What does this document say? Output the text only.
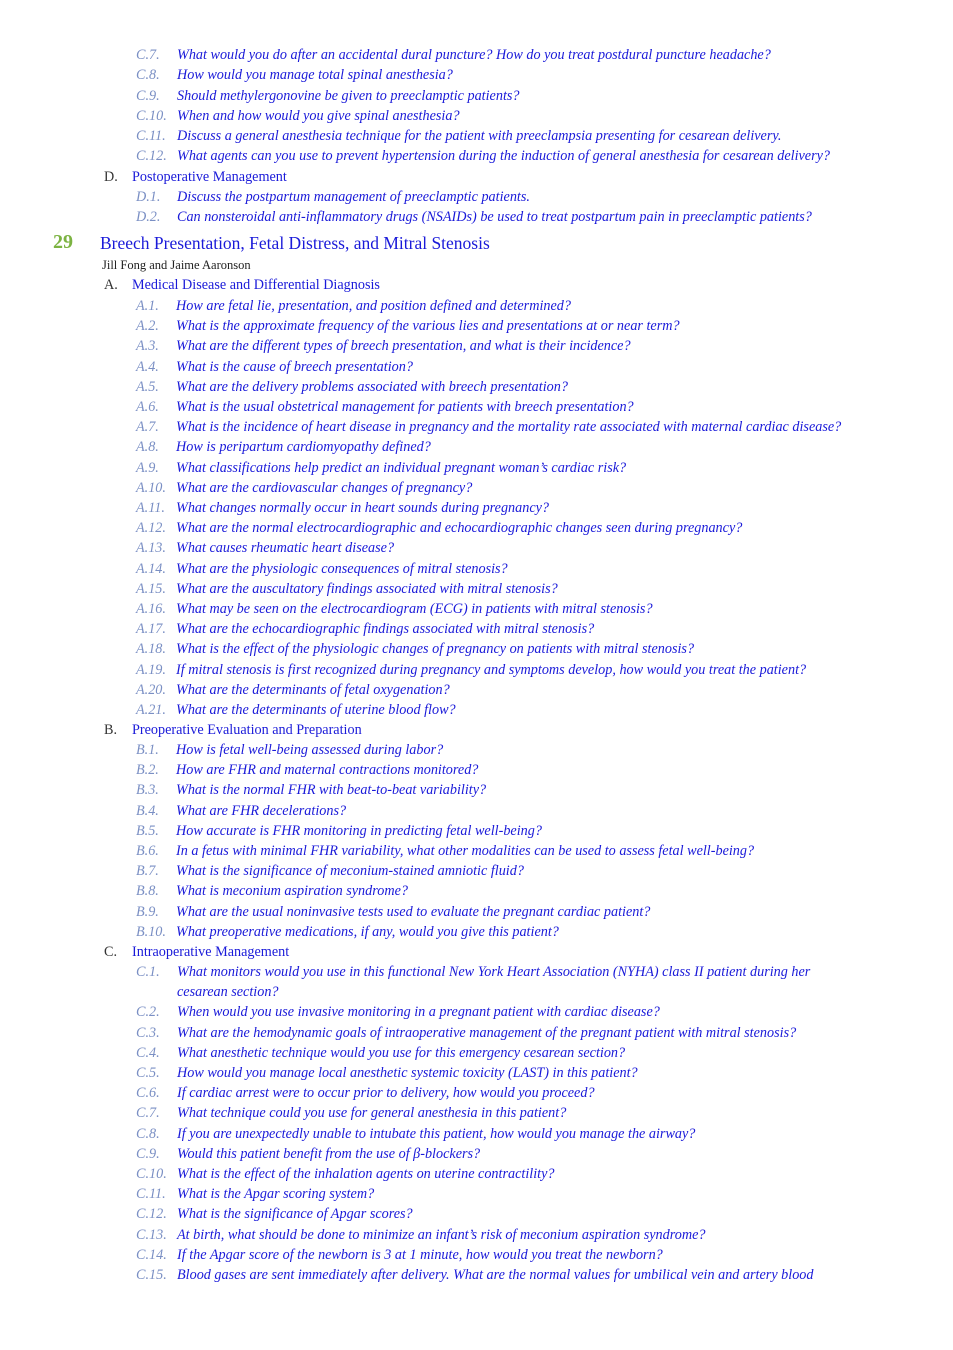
C.7. What would you do after an accidental dural puncture? How do you treat postdural puncture headache?
C.8. How would you manage total spinal anesthesia?
C.9. Should methylergonovine be given to preeclamptic patients?
C.10. When and how would you give spinal anesthesia?
C.11. Discuss a general anesthesia technique for the patient with preeclampsia presenting for cesarean delivery.
C.12. What agents can you use to prevent hypertension during the induction of general anesthesia for cesarean delivery?
D. Postoperative Management
D.1. Discuss the postpartum management of preeclamptic patients.
D.2. Can nonsteroidal anti-inflammatory drugs (NSAIDs) be used to treat postpartum pain in preeclamptic patients?
29 Breech Presentation, Fetal Distress, and Mitral Stenosis
Jill Fong and Jaime Aaronson
A. Medical Disease and Differential Diagnosis
B. Preoperative Evaluation and Preparation
C. Intraoperative Management
A.1. How are fetal lie, presentation, and position defined and determined?
A.2. What is the approximate frequency of the various lies and presentations at or near term?
A.3. What are the different types of breech presentation, and what is their incidence?
A.4. What is the cause of breech presentation?
A.5. What are the delivery problems associated with breech presentation?
A.6. What is the usual obstetrical management for patients with breech presentation?
A.7. What is the incidence of heart disease in pregnancy and the mortality rate associated with maternal cardiac disease?
A.8. How is peripartum cardiomyopathy defined?
A.9. What classifications help predict an individual pregnant woman’s cardiac risk?
A.10. What are the cardiovascular changes of pregnancy?
A.11. What changes normally occur in heart sounds during pregnancy?
A.12. What are the normal electrocardiographic and echocardiographic changes seen during pregnancy?
A.13. What causes rheumatic heart disease?
A.14. What are the physiologic consequences of mitral stenosis?
A.15. What are the auscultatory findings associated with mitral stenosis?
A.16. What may be seen on the electrocardiogram (ECG) in patients with mitral stenosis?
A.17. What are the echocardiographic findings associated with mitral stenosis?
A.18. What is the effect of the physiologic changes of pregnancy on patients with mitral stenosis?
A.19. If mitral stenosis is first recognized during pregnancy and symptoms develop, how would you treat the patient?
A.20. What are the determinants of fetal oxygenation?
A.21. What are the determinants of uterine blood flow?
B.1. How is fetal well-being assessed during labor?
B.2. How are FHR and maternal contractions monitored?
B.3. What is the normal FHR with beat-to-beat variability?
B.4. What are FHR decelerations?
B.5. How accurate is FHR monitoring in predicting fetal well-being?
B.6. In a fetus with minimal FHR variability, what other modalities can be used to assess fetal well-being?
B.7. What is the significance of meconium-stained amniotic fluid?
B.8. What is meconium aspiration syndrome?
B.9. What are the usual noninvasive tests used to evaluate the pregnant cardiac patient?
B.10. What preoperative medications, if any, would you give this patient?
C.1. What monitors would you use in this functional New York Heart Association (NYHA) class II patient during her
cesarean section?
C.2. When would you use invasive monitoring in a pregnant patient with cardiac disease?
C.3. What are the hemodynamic goals of intraoperative management of the pregnant patient with mitral stenosis?
C.4. What anesthetic technique would you use for this emergency cesarean section?
C.5. How would you manage local anesthetic systemic toxicity (LAST) in this patient?
C.6. If cardiac arrest were to occur prior to delivery, how would you proceed?
C.7. What technique could you use for general anesthesia in this patient?
C.8. If you are unexpectedly unable to intubate this patient, how would you manage the airway?
C.9. Would this patient benefit from the use of β-blockers?
C.10. What is the effect of the inhalation agents on uterine contractility?
C.11. What is the Apgar scoring system?
C.12. What is the significance of Apgar scores?
C.13. At birth, what should be done to minimize an infant’s risk of meconium aspiration syndrome?
C.14. If the Apgar score of the newborn is 3 at 1 minute, how would you treat the newborn?
C.15. Blood gases are sent immediately after delivery. What are the normal values for umbilical vein and artery blood
